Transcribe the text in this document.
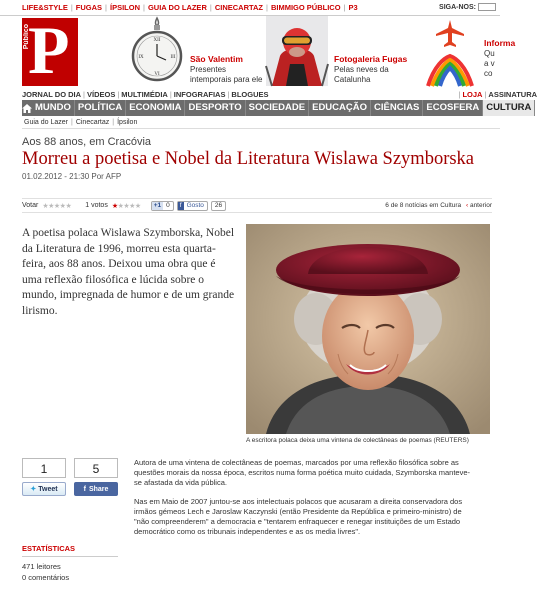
LIFE&STYLE | FUGAS | ÍPSILON | GUIA DO LAZER | CINECARTAZ | BIMMIGO PÚBLICO | P3	SIGA-NOS:
P
Público	XII
III
VI
IX	São Valentim
Presentes
intemporais para ele
Fotogaleria Fugas
Pelas neves da
Catalunha
Informa
Qu
a v
co
JORNAL DO DIA | VÍDEOS | MULTIMÉDIA | INFOGRAFIAS | BLOGUES	| LOJA | ASSINATURA
MUNDO POLÍTICA ECONOMIA DESPORTO SOCIEDADE EDUCAÇÃO CIÊNCIAS ECOSFERA CULTURA
Guia do Lazer | Cinecartaz | Ípsilon
Aos 88 anos, em Cracóvia
Morreu a poetisa e Nobel da Literatura Wislawa Szymborska
01.02.2012 - 21:30 Por AFP
Votar ★★★★★ 1 votos ★★★★★	+1 0	f Gosto	26	6 de 8 notícias em Cultura ‹ anterior
A poetisa polaca Wislawa Szymborska, Nobel da Literatura de 1996, morreu esta quarta-feira, aos 88 anos. Deixou uma obra que é uma reflexão filosófica e lúcida sobre o mundo, impregnada de humor e de um grande lirismo.
A escritora polaca deixa uma vintena de colectâneas de poemas (REUTERS)
1	5
✦ Tweet	f Share
ESTATÍSTICAS
471 leitores
0 comentários

Autora de uma vintena de colectâneas de poemas, marcados por uma reflexão filosófica sobre as questões morais da nossa época, escritos numa forma poética muito cuidada, Szymborska manteve-se afastada da vida pública.

Nas em Maio de 2007 juntou-se aos intelectuais polacos que acusaram a direita conservadora dos irmãos gémeos Lech e Jaroslaw Kaczynski (então Presidente da República e primeiro-ministro) de "não compreenderem" a democracia e "tentarem enfraquecer e renegar instituições de um Estado democrático como os tribunais independentes e as os media livres".
